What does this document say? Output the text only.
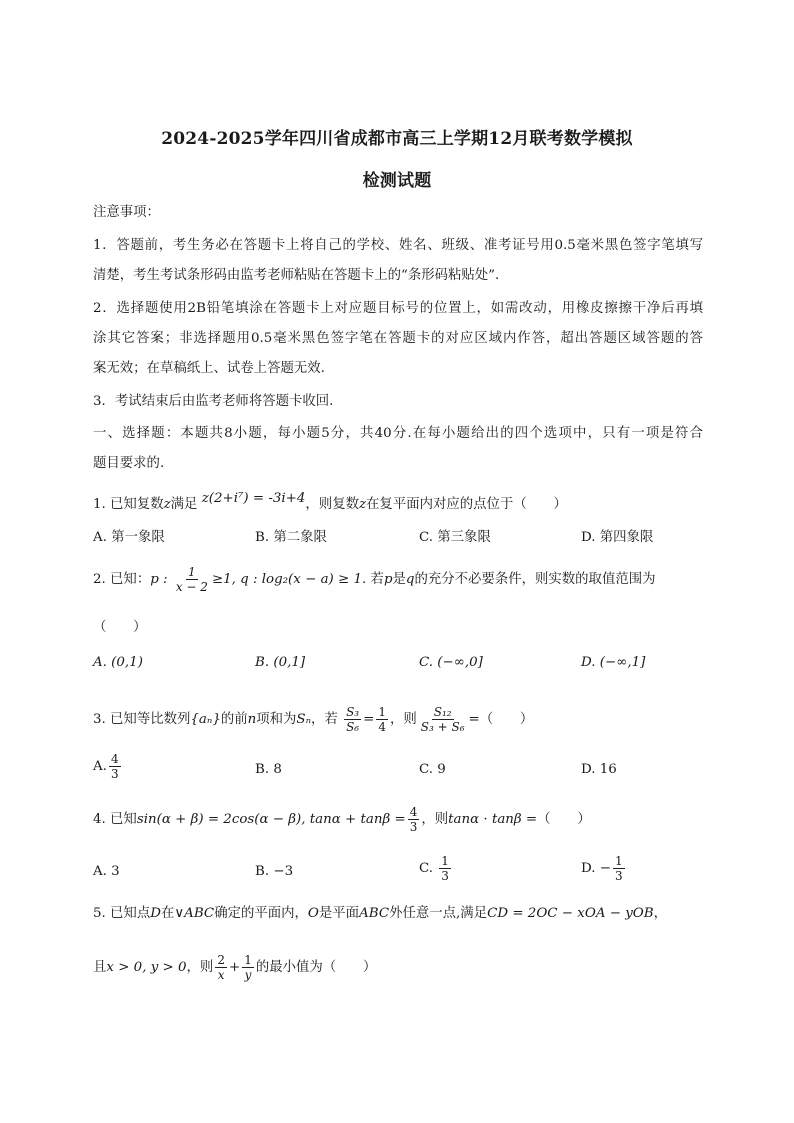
2024-2025学年四川省成都市高三上学期12月联考数学模拟
检测试题
注意事项：
1．答题前，考生务必在答题卡上将自己的学校、姓名、班级、准考证号用0.5毫米黑色签字笔填写
清楚，考生考试条形码由监考老师粘贴在答题卡上的“条形码粘贴处”.
2．选择题使用2B铅笔填涂在答题卡上对应题目标号的位置上，如需改动，用橡皮擦擦干净后再填
涂其它答案；非选择题用0.5毫米黑色签字笔在答题卡的对应区域内作答，超出答题区域答题的答
案无效；在草稿纸上、试卷上答题无效.
3．考试结束后由监考老师将答题卡收回.
一、选择题：本题共8小题，每小题5分，共40分.在每小题给出的四个选项中，只有一项是符合
题目要求的.
1. 已知复数z满足 z(2+i⁷) = -3i+4，则复数z在复平面内对应的点位于（　　）
A. 第一象限	B. 第二象限	C. 第三象限	D. 第四象限
2. 已知：p : $\frac{1}{x - 2} \ge 1$, q : log₂(x − a) ≥ 1. 若p是q的充分不必要条件，则实数的取值范围为
（　　）
A. (0,1)	B. (0,1]	C. (−∞,0]	D. (−∞,1]
3. 已知等比数列{aₙ}的前n项和为Sₙ，若 $\frac{\text{S₃}}{\text{S₆}} = \frac{1}{4}$ ，则 $\frac{\text{S₁₂}}{\text{S₃ + S₆}}$ =（　　）
A. $\frac{4}{3}$	B. 8	C. 9	D. 16
4. 已知sin(α + β) = 2cos(α − β), $\tan\alpha + \tan\beta = \frac{4}{3}$ ，则tanα · tanβ =（　　）
A. 3	B. −3	C. $\frac{1}{3}$	D. − $\frac{1}{3}$
5. 已知点D在∨ABC确定的平面内，O是平面ABC外任意一点,满足CD = 2OC − xOA − yOB，
且x > 0, y > 0，则 $\frac{2}{x} + \frac{1}{y}$ 的最小值为（　　）
